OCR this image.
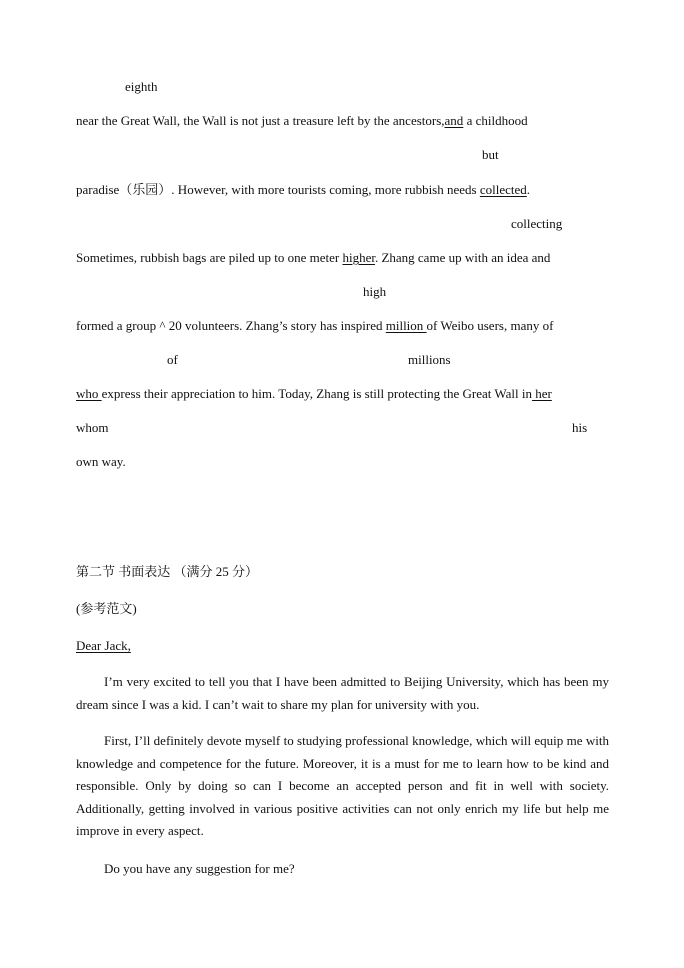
eighth
near the Great Wall, the Wall is not just a treasure left by the ancestors,and a childhood
but
paradise（乐园）. However, with more tourists coming, more rubbish needs collected.
collecting
Sometimes, rubbish bags are piled up to one meter higher. Zhang came up with an idea and
high
formed a group ^ 20 volunteers. Zhang’s story has inspired million of Weibo users, many of
of	millions
who express their appreciation to him. Today, Zhang is still protecting the Great Wall in her
whom	his
own way.
第二节 书面表达 （满分 25 分）
(参考范文)
Dear Jack,
I’m very excited to tell you that I have been admitted to Beijing University, which has been my dream since I was a kid. I can’t wait to share my plan for university with you.
First, I’ll definitely devote myself to studying professional knowledge, which will equip me with knowledge and competence for the future. Moreover, it is a must for me to learn how to be kind and responsible. Only by doing so can I become an accepted person and fit in well with society. Additionally, getting involved in various positive activities can not only enrich my life but help me improve in every aspect.
Do you have any suggestion for me?
